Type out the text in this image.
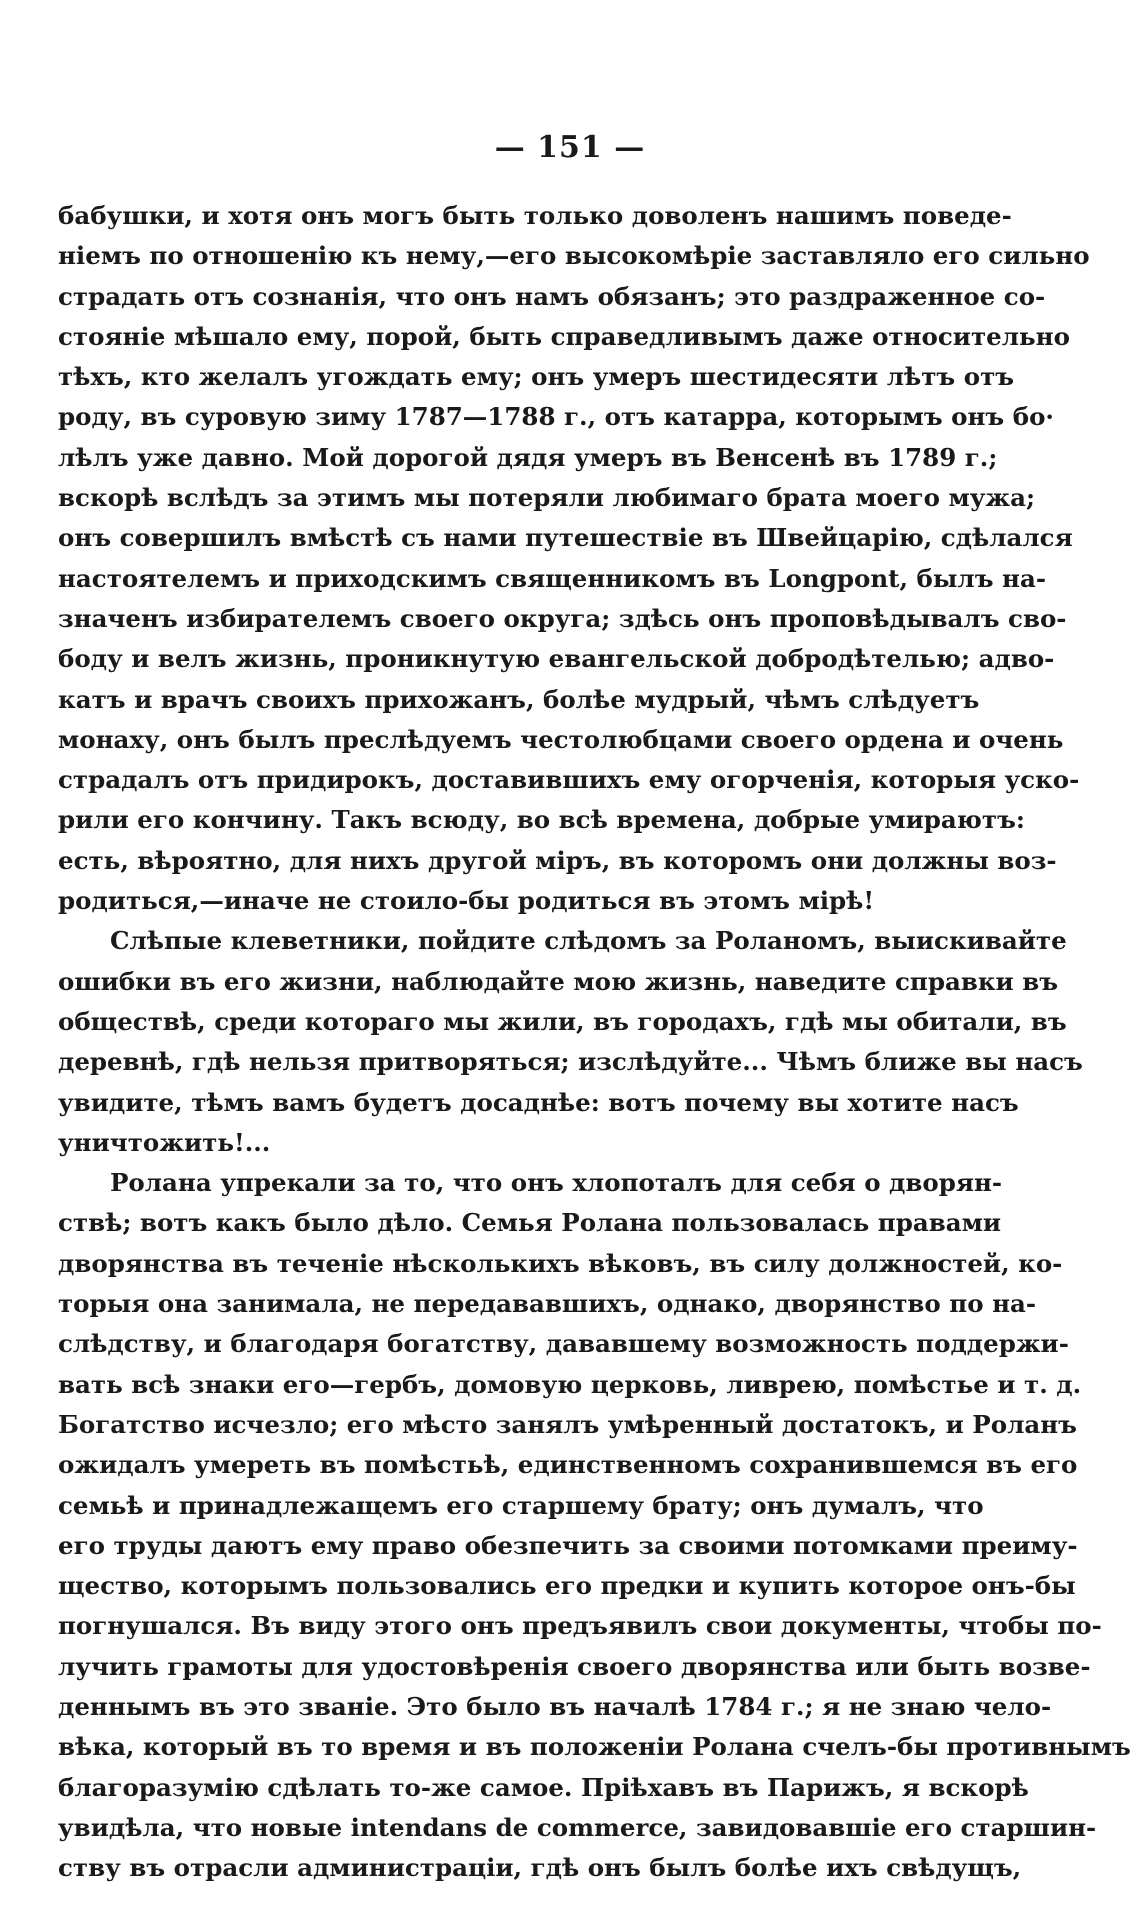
— 151 —
бабушки, и хотя онъ могъ быть только доволенъ нашимъ поведе-
ніемъ по отношенію къ нему,—его высокомѣріе заставляло его сильно
страдать отъ сознанія, что онъ намъ обязанъ; это раздраженное со-
стояніе мѣшало ему, порой, быть справедливымъ даже относительно
тѣхъ, кто желалъ угождать ему; онъ умеръ шестидесяти лѣтъ отъ
роду, въ суровую зиму 1787—1788 г., отъ катарра, которымъ онъ бо·
лѣлъ уже давно. Мой дорогой дядя умеръ въ Венсенѣ въ 1789 г.;
вскорѣ вслѣдъ за этимъ мы потеряли любимаго брата моего мужа;
онъ совершилъ вмѣстѣ съ нами путешествіе въ Швейцарію, сдѣлался
настоятелемъ и приходскимъ священникомъ въ Longpont, былъ на-
значенъ избирателемъ своего округа; здѣсь онъ проповѣдывалъ сво-
боду и велъ жизнь, проникнутую евангельской добродѣтелью; адво-
катъ и врачъ своихъ прихожанъ, болѣе мудрый, чѣмъ слѣдуетъ
монаху, онъ былъ преслѣдуемъ честолюбцами своего ордена и очень
страдалъ отъ придирокъ, доставившихъ ему огорченія, которыя уско-
рили его кончину. Такъ всюду, во всѣ времена, добрые умираютъ:
есть, вѣроятно, для нихъ другой міръ, въ которомъ они должны воз-
родиться,—иначе не стоило-бы родиться въ этомъ мірѣ!
Слѣпые клеветники, пойдите слѣдомъ за Роланомъ, выискивайте
ошибки въ его жизни, наблюдайте мою жизнь, наведите справки въ
обществѣ, среди котораго мы жили, въ городахъ, гдѣ мы обитали, въ
деревнѣ, гдѣ нельзя притворяться; изслѣдуйте... Чѣмъ ближе вы насъ
увидите, тѣмъ вамъ будетъ досаднѣе: вотъ почему вы хотите насъ
уничтожить!...
Ролана упрекали за то, что онъ хлопоталъ для себя о дворян-
ствѣ; вотъ какъ было дѣло. Семья Ролана пользовалась правами
дворянства въ теченіе нѣсколькихъ вѣковъ, въ силу должностей, ко-
торыя она занимала, не передававшихъ, однако, дворянство по на-
слѣдству, и благодаря богатству, дававшему возможность поддержи-
вать всѣ знаки его—гербъ, домовую церковь, ливрею, помѣстье и т. д.
Богатство исчезло; его мѣсто занялъ умѣренный достатокъ, и Роланъ
ожидалъ умереть въ помѣстьѣ, единственномъ сохранившемся въ его
семьѣ и принадлежащемъ его старшему брату; онъ думалъ, что
его труды даютъ ему право обезпечить за своими потомками преиму-
щество, которымъ пользовались его предки и купить которое онъ-бы
погнушался. Въ виду этого онъ предъявилъ свои документы, чтобы по-
лучить грамоты для удостовѣренія своего дворянства или быть возве-
деннымъ въ это званіе. Это было въ началѣ 1784 г.; я не знаю чело-
вѣка, который въ то время и въ положеніи Ролана счелъ-бы противнымъ
благоразумію сдѣлать то-же самое. Пріѣхавъ въ Парижъ, я вскорѣ
увидѣла, что новые intendans de commerce, завидовавшіе его старшин-
ству въ отрасли администраціи, гдѣ онъ былъ болѣе ихъ свѣдущъ,
